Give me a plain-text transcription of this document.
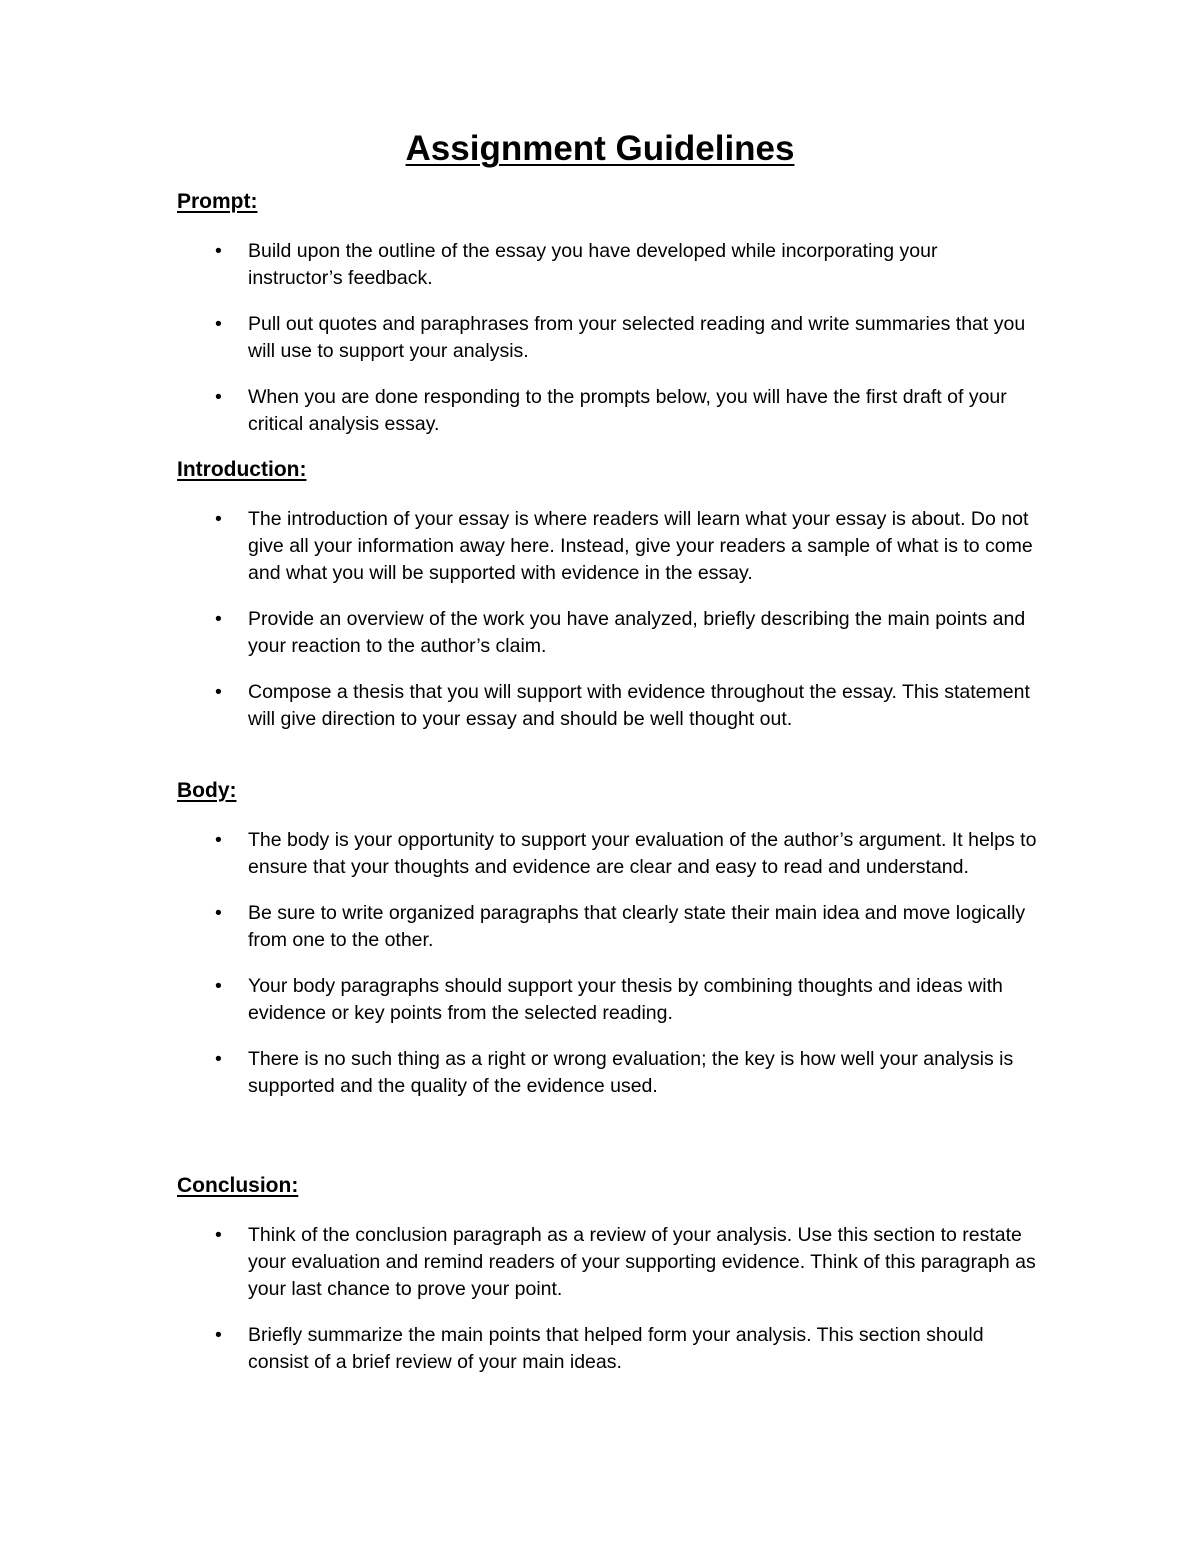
Assignment Guidelines
Prompt:
•	Build upon the outline of the essay you have developed while incorporating your instructor’s feedback.
•	Pull out quotes and paraphrases from your selected reading and write summaries that you will use to support your analysis.
•	When you are done responding to the prompts below, you will have the first draft of your critical analysis essay.
Introduction:
•	The introduction of your essay is where readers will learn what your essay is about. Do not give all your information away here. Instead, give your readers a sample of what is to come and what you will be supported with evidence in the essay.
•	Provide an overview of the work you have analyzed, briefly describing the main points and your reaction to the author’s claim.
•	Compose a thesis that you will support with evidence throughout the essay. This statement will give direction to your essay and should be well thought out.
Body:
•	The body is your opportunity to support your evaluation of the author’s argument. It helps to ensure that your thoughts and evidence are clear and easy to read and understand.
•	Be sure to write organized paragraphs that clearly state their main idea and move logically from one to the other.
•	Your body paragraphs should support your thesis by combining thoughts and ideas with evidence or key points from the selected reading.
•	There is no such thing as a right or wrong evaluation; the key is how well your analysis is supported and the quality of the evidence used.
Conclusion:
•	Think of the conclusion paragraph as a review of your analysis. Use this section to restate your evaluation and remind readers of your supporting evidence. Think of this paragraph as your last chance to prove your point.
•	Briefly summarize the main points that helped form your analysis. This section should consist of a brief review of your main ideas.
